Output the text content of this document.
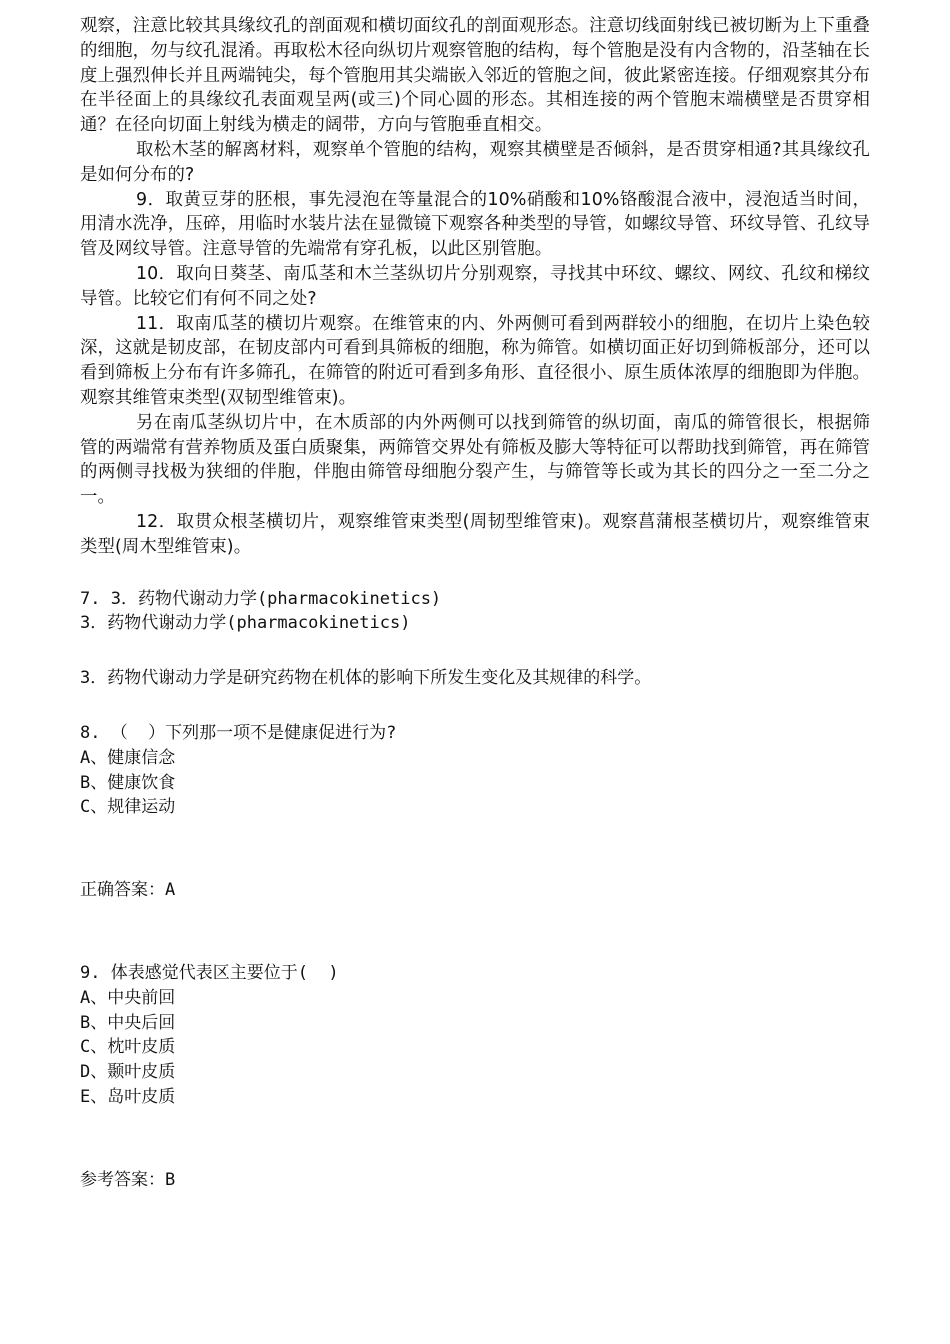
观察，注意比较其具缘纹孔的剖面观和横切面纹孔的剖面观形态。注意切线面射线已被切断为上下重叠的细胞，勿与纹孔混淆。再取松木径向纵切片观察管胞的结构，每个管胞是没有内含物的，沿茎轴在长度上强烈伸长并且两端钝尖，每个管胞用其尖端嵌入邻近的管胞之间，彼此紧密连接。仔细观察其分布在半径面上的具缘纹孔表面观呈两(或三)个同心圆的形态。其相连接的两个管胞末端横壁是否贯穿相通？在径向切面上射线为横走的阔带，方向与管胞垂直相交。

取松木茎的解离材料，观察单个管胞的结构，观察其横壁是否倾斜，是否贯穿相通?其具缘纹孔是如何分布的?

9．取黄豆芽的胚根，事先浸泡在等量混合的10%硝酸和10%铬酸混合液中，浸泡适当时间，用清水洗净，压碎，用临时水装片法在显微镜下观察各种类型的导管，如螺纹导管、环纹导管、孔纹导管及网纹导管。注意导管的先端常有穿孔板，以此区别管胞。

10．取向日葵茎、南瓜茎和木兰茎纵切片分别观察，寻找其中环纹、螺纹、网纹、孔纹和梯纹导管。比较它们有何不同之处?

11．取南瓜茎的横切片观察。在维管束的内、外两侧可看到两群较小的细胞，在切片上染色较深，这就是韧皮部，在韧皮部内可看到具筛板的细胞，称为筛管。如横切面正好切到筛板部分，还可以看到筛板上分布有许多筛孔，在筛管的附近可看到多角形、直径很小、原生质体浓厚的细胞即为伴胞。观察其维管束类型(双韧型维管束)。

另在南瓜茎纵切片中，在木质部的内外两侧可以找到筛管的纵切面，南瓜的筛管很长，根据筛管的两端常有营养物质及蛋白质聚集，两筛管交界处有筛板及膨大等特征可以帮助找到筛管，再在筛管的两侧寻找极为狭细的伴胞，伴胞由筛管母细胞分裂产生，与筛管等长或为其长的四分之一至二分之一。

12．取贯众根茎横切片，观察维管束类型(周韧型维管束)。观察菖蒲根茎横切片，观察维管束类型(周木型维管束)。

7. 3．药物代谢动力学(pharmacokinetics)

3．药物代谢动力学(pharmacokinetics)

3．药物代谢动力学是研究药物在机体的影响下所发生变化及其规律的科学。

8. （  ）下列那一项不是健康促进行为?

A、健康信念

B、健康饮食

C、规律运动

正确答案：A

9. 体表感觉代表区主要位于(  )

A、中央前回

B、中央后回

C、枕叶皮质

D、颞叶皮质

E、岛叶皮质

参考答案：B
